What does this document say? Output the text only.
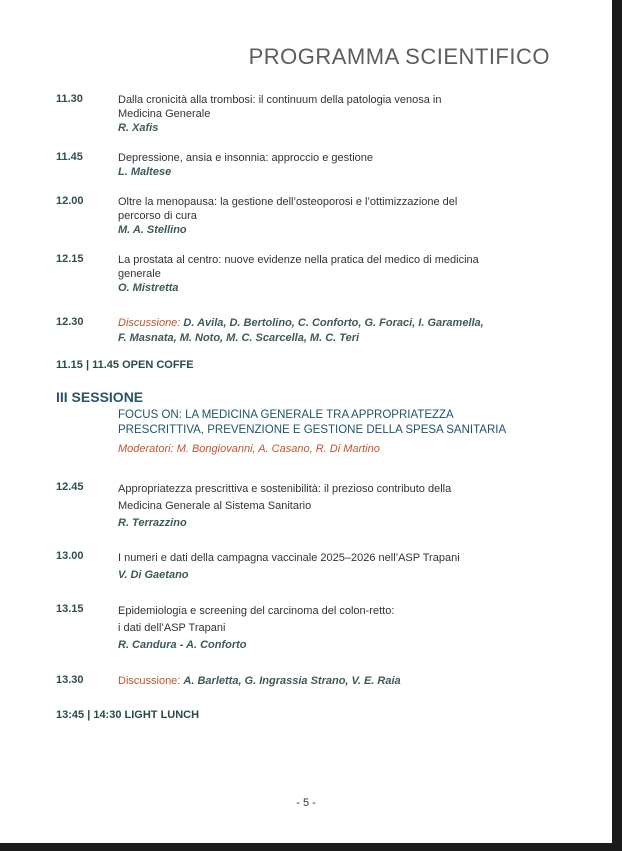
PROGRAMMA SCIENTIFICO
11.30	Dalla cronicità alla trombosi: il continuum della patologia venosa in
Medicina Generale
R. Xafis
11.45	Depressione, ansia e insonnia: approccio e gestione
L. Maltese
12.00	Oltre la menopausa: la gestione dell’osteoporosi e l’ottimizzazione del
percorso di cura
M. A. Stellino
12.15	La prostata al centro: nuove evidenze nella pratica del medico di medicina
generale
O. Mistretta
12.30	Discussione: D. Avila, D. Bertolino, C. Conforto, G. Foraci, I. Garamella,
F. Masnata, M. Noto, M. C. Scarcella, M. C. Teri
11.15 | 11.45 OPEN COFFE
III SESSIONE
FOCUS ON: LA MEDICINA GENERALE TRA APPROPRIATEZZA
PRESCRITTIVA, PREVENZIONE E GESTIONE DELLA SPESA SANITARIA
Moderatori: M. Bongiovanni, A. Casano, R. Di Martino
12.45	Appropriatezza prescrittiva e sostenibilità: il prezioso contributo della
Medicina Generale al Sistema Sanitario
R. Terrazzino
13.00	I numeri e dati della campagna vaccinale 2025–2026 nell’ASP Trapani
V. Di Gaetano
13.15	Epidemiologia e screening del carcinoma del colon-retto:
i dati dell’ASP Trapani
R. Candura - A. Conforto
13.30	Discussione: A. Barletta, G. Ingrassia Strano, V. E. Raia
13:45 | 14:30 LIGHT LUNCH
- 5 -
